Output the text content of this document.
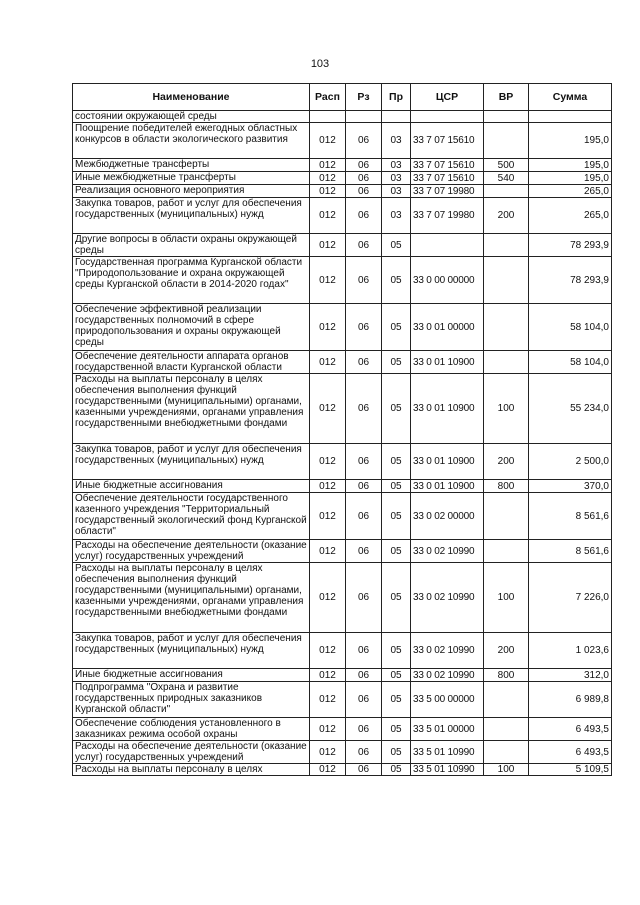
103
Наименование	Расп	Рз	Пр	ЦСР	ВР	Сумма
состоянии окружающей среды						
Поощрение победителей ежегодных областных конкурсов в области экологического развития	012	06	03	33 7 07 15610		195,0
Межбюджетные трансферты	012	06	03	33 7 07 15610	500	195,0
Иные межбюджетные трансферты	012	06	03	33 7 07 15610	540	195,0
Реализация основного мероприятия	012	06	03	33 7 07 19980		265,0
Закупка товаров, работ и услуг для обеспечения государственных (муниципальных) нужд	012	06	03	33 7 07 19980	200	265,0
Другие вопросы в области охраны окружающей среды	012	06	05			78 293,9
Государственная программа Курганской области "Природопользование и охрана окружающей среды Курганской области в 2014-2020 годах"	012	06	05	33 0 00 00000		78 293,9
Обеспечение эффективной реализации государственных полномочий в сфере природопользования и охраны окружающей среды	012	06	05	33 0 01 00000		58 104,0
Обеспечение деятельности аппарата органов государственной власти Курганской области	012	06	05	33 0 01 10900		58 104,0
Расходы на выплаты персоналу в целях обеспечения выполнения функций государственными (муниципальными) органами, казенными учреждениями, органами управления государственными внебюджетными фондами	012	06	05	33 0 01 10900	100	55 234,0
Закупка товаров, работ и услуг для обеспечения государственных (муниципальных) нужд	012	06	05	33 0 01 10900	200	2 500,0
Иные бюджетные ассигнования	012	06	05	33 0 01 10900	800	370,0
Обеспечение деятельности государственного казенного учреждения "Территориальный государственный экологический фонд Курганской области"	012	06	05	33 0 02 00000		8 561,6
Расходы на обеспечение деятельности (оказание услуг) государственных учреждений	012	06	05	33 0 02 10990		8 561,6
Расходы на выплаты персоналу в целях обеспечения выполнения функций государственными (муниципальными) органами, казенными учреждениями, органами управления государственными внебюджетными фондами	012	06	05	33 0 02 10990	100	7 226,0
Закупка товаров, работ и услуг для обеспечения государственных (муниципальных) нужд	012	06	05	33 0 02 10990	200	1 023,6
Иные бюджетные ассигнования	012	06	05	33 0 02 10990	800	312,0
Подпрограмма "Охрана и развитие государственных природных заказников Курганской области"	012	06	05	33 5 00 00000		6 989,8
Обеспечение соблюдения установленного в заказниках режима особой охраны	012	06	05	33 5 01 00000		6 493,5
Расходы на обеспечение деятельности (оказание услуг) государственных учреждений	012	06	05	33 5 01 10990		6 493,5
Расходы на выплаты персоналу в целях	012	06	05	33 5 01 10990	100	5 109,5
